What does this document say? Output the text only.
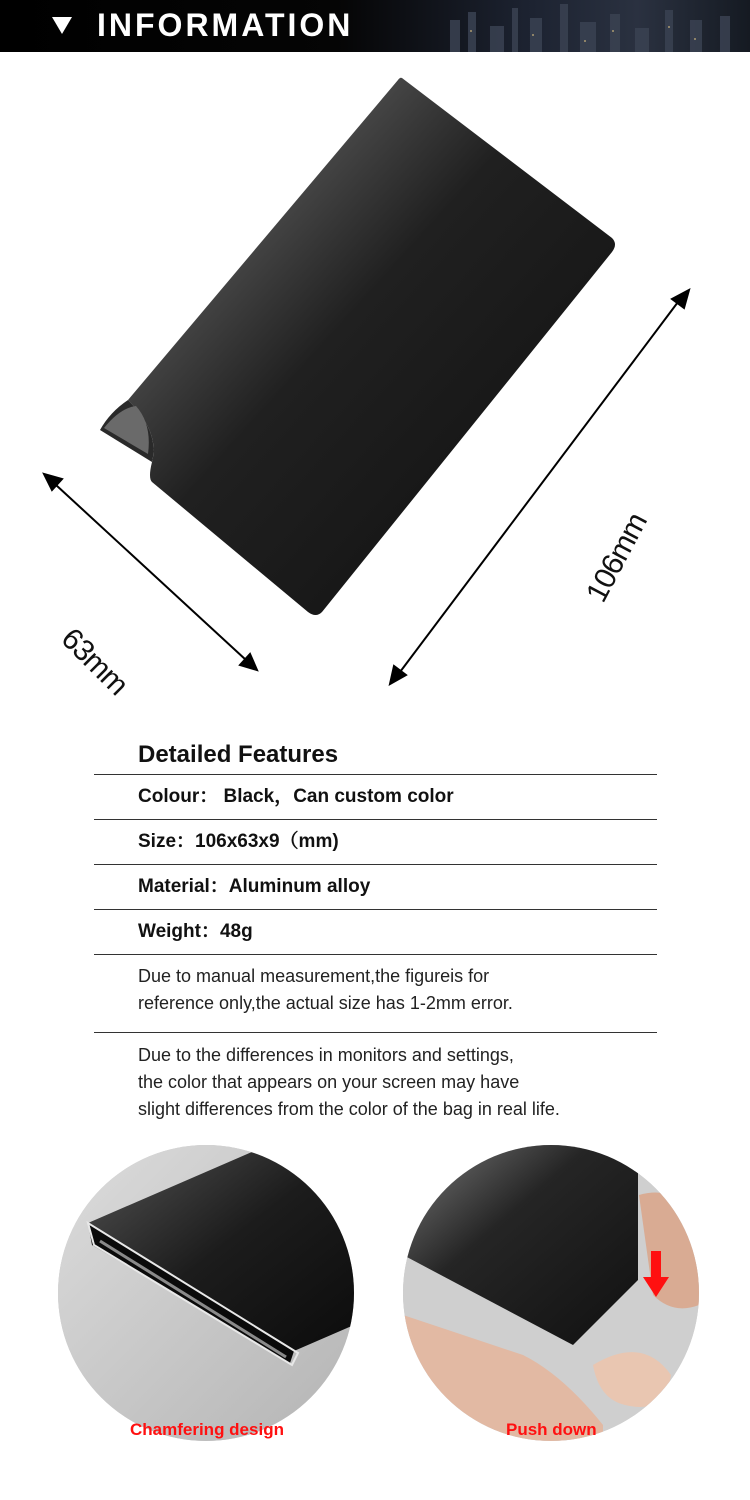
INFORMATION
63mm
106mm
Detailed Features
Colour： Black，Can custom color
Size：106x63x9（mm)
Material：Aluminum alloy
Weight：48g
Due to manual measurement,the figureis for
reference only,the actual size has 1-2mm error.
Due to the differences in monitors and settings,
the color that appears on your screen may have
slight differences from the color of the bag in real life.
Chamfering design	Push down
